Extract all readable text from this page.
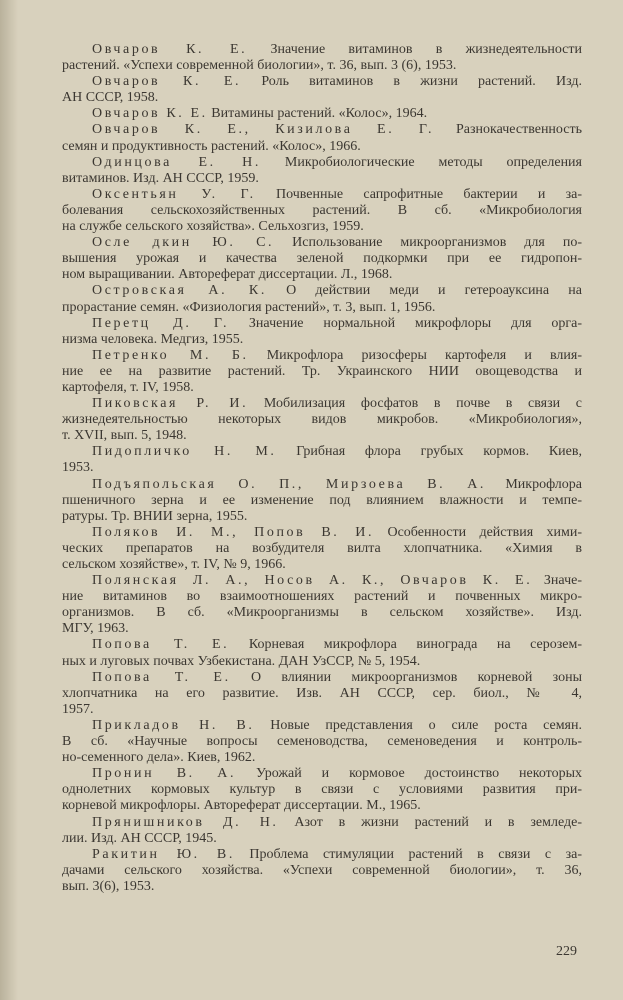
Овчаров К. Е. Значение витаминов в жизнедеятельности
растений. «Успехи современной биологии», т. 36, вып. 3 (6), 1953.
Овчаров К. Е. Роль витаминов в жизни растений. Изд.
АН СССР, 1958.
Овчаров К. Е. Витамины растений. «Колос», 1964.
Овчаров К. Е., Кизилова Е. Г. Разнокачественность
семян и продуктивность растений. «Колос», 1966.
Одинцова Е. Н. Микробиологические методы определения
витаминов. Изд. АН СССР, 1959.
Оксентьян У. Г. Почвенные сапрофитные бактерии и за-
болевания сельскохозяйственных растений. В сб. «Микробиология
на службе сельского хозяйства». Сельхозгиз, 1959.
Осле дкин Ю. С. Использование микроорганизмов для по-
вышения урожая и качества зеленой подкормки при ее гидропон-
ном выращивании. Автореферат диссертации. Л., 1968.
Островская А. К. О действии меди и гетероауксина на
прорастание семян. «Физиология растений», т. 3, вып. 1, 1956.
Перетц Д. Г. Значение нормальной микрофлоры для орга-
низма человека. Медгиз, 1955.
Петренко М. Б. Микрофлора ризосферы картофеля и влия-
ние ее на развитие растений. Тр. Украинского НИИ овощеводства и
картофеля, т. IV, 1958.
Пиковская Р. И. Мобилизация фосфатов в почве в связи с
жизнедеятельностью некоторых видов микробов. «Микробиология»,
т. XVII, вып. 5, 1948.
Пидопличко Н. М. Грибная флора грубых кормов. Киев,
1953.
Подъяпольская О. П., Мирзоева В. А. Микрофлора
пшеничного зерна и ее изменение под влиянием влажности и темпе-
ратуры. Тр. ВНИИ зерна, 1955.
Поляков И. М., Попов В. И. Особенности действия хими-
ческих препаратов на возбудителя вилта хлопчатника. «Химия в
сельском хозяйстве», т. IV, № 9, 1966.
Полянская Л. А., Носов А. К., Овчаров К. Е. Значе-
ние витаминов во взаимоотношениях растений и почвенных микро-
организмов. В сб. «Микроорганизмы в сельском хозяйстве». Изд.
МГУ, 1963.
Попова Т. Е. Корневая микрофлора винограда на серозем-
ных и луговых почвах Узбекистана. ДАН УзССР, № 5, 1954.
Попова Т. Е. О влиянии микроорганизмов корневой зоны
хлопчатника на его развитие. Изв. АН СССР, сер. биол., № 4,
1957.
Прикладов Н. В. Новые представления о силе роста семян.
В сб. «Научные вопросы семеноводства, семеноведения и контроль-
но-семенного дела». Киев, 1962.
Пронин В. А. Урожай и кормовое достоинство некоторых
однолетних кормовых культур в связи с условиями развития при-
корневой микрофлоры. Автореферат диссертации. М., 1965.
Прянишников Д. Н. Азот в жизни растений и в земледе-
лии. Изд. АН СССР, 1945.
Ракитин Ю. В. Проблема стимуляции растений в связи с за-
дачами сельского хозяйства. «Успехи современной биологии», т. 36,
вып. 3(6), 1953.
229
